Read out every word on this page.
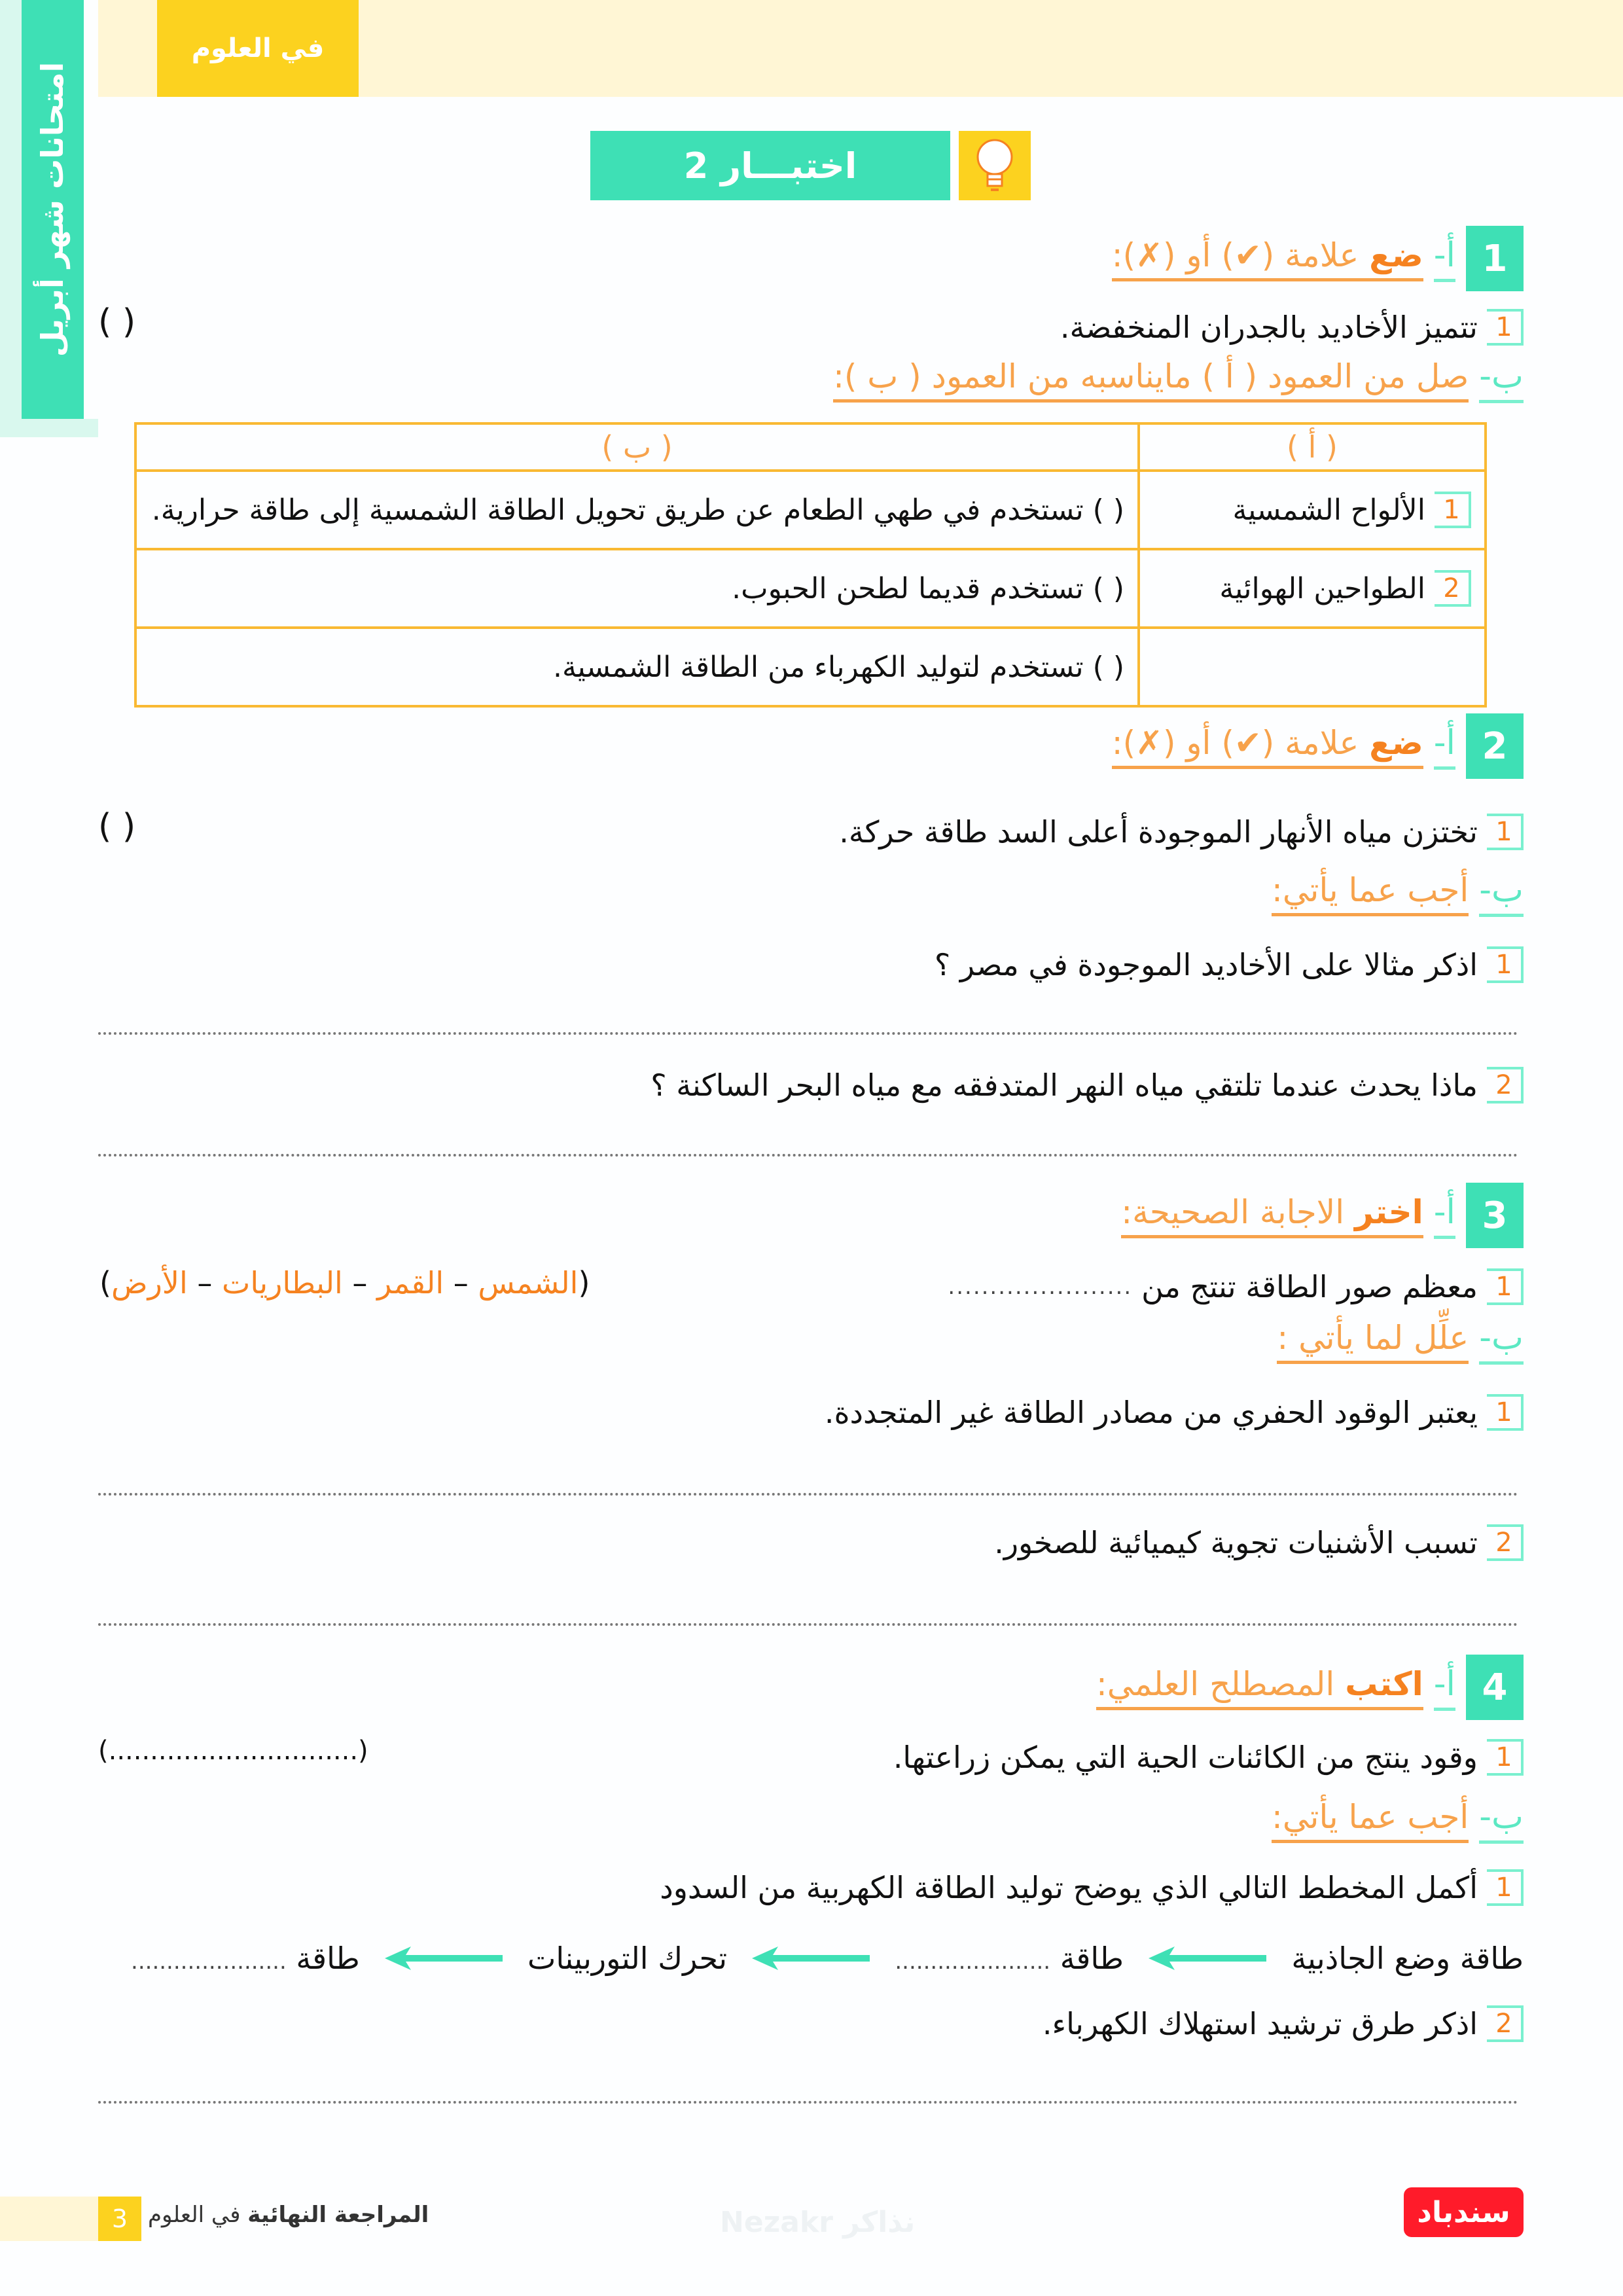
في العلوم
امتحانات شهر أبريل	اختبـــار 2
1
أ-
ضع علامة (✔) أو (✗):
1
تتميز الأخاديد بالجدران المنخفضة.
( )
ب-
صل من العمود ( أ ) مايناسبه من العمود ( ب ):
( أ )	( ب )

1
الألواح الشمسية	( ) تستخدم في طهي الطعام عن طريق تحويل الطاقة الشمسية إلى طاقة حرارية.

2
الطواحين الهوائية	( ) تستخدم قديما لطحن الحبوب.
	( ) تستخدم لتوليد الكهرباء من الطاقة الشمسية.
2
أ-
ضع علامة (✔) أو (✗):
1
تختزن مياه الأنهار الموجودة أعلى السد طاقة حركة.
( )
ب-
أجب عما يأتي:
1
اذكر مثالا على الأخاديد الموجودة في مصر ؟
2
ماذا يحدث عندما تلتقي مياه النهر المتدفقه مع مياه البحر الساكنة ؟
3
أ-
اختر الاجابة الصحيحة:
1
معظم صور الطاقة تنتج من
......................
(الشمس – القمر – البطاريات – الأرض)
ب-
علِّل لما يأتي :
1
يعتبر الوقود الحفري من مصادر الطاقة غير المتجددة.
2
تسبب الأشنيات تجوية كيميائية للصخور.
4
أ-
اكتب المصطلح العلمي:
1
وقود ينتج من الكائنات الحية التي يمكن زراعتها.
(..............................)
ب-
أجب عما يأتي:
1
أكمل المخطط التالي الذي يوضح توليد الطاقة الكهربية من السدود
طاقة وضع الجاذبية
طاقة ......................
تحرك التوربينات
طاقة ......................
2
اذكر طرق ترشيد استهلاك الكهرباء.
Nezakr نذاكر
3	المراجعة النهائية في العلوم	سندباد
